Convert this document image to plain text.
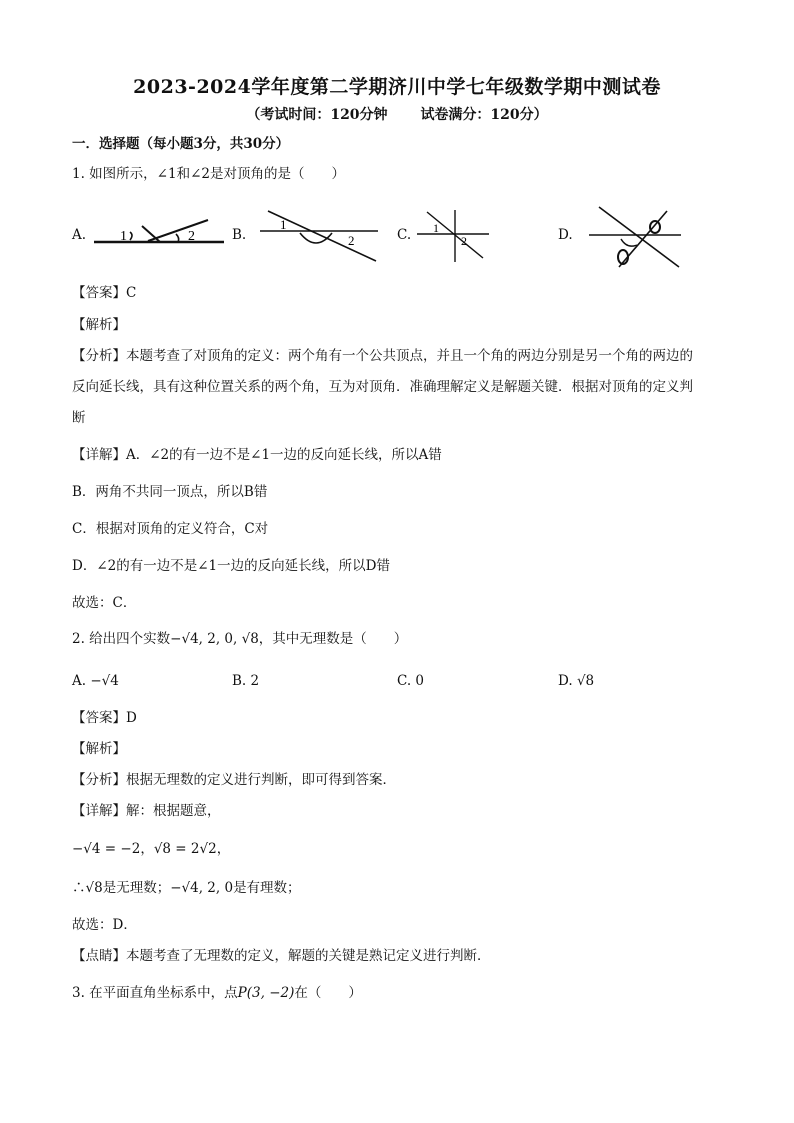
2023-2024学年度第二学期济川中学七年级数学期中测试卷
（考试时间：120分钟 试卷满分：120分）
一．选择题（每小题3分，共30分）
1. 如图所示，∠1和∠2是对顶角的是（　　）
A. 1	2	B.
1
2	C. 1
2	D.
【答案】C
【解析】
【分析】本题考查了对顶角的定义：两个角有一个公共顶点，并且一个角的两边分别是另一个角的两边的
反向延长线，具有这种位置关系的两个角，互为对顶角．准确理解定义是解题关键．根据对顶角的定义判
断
【详解】A．∠2的有一边不是∠1一边的反向延长线，所以A错
B．两角不共同一顶点，所以B错
C．根据对顶角的定义符合，C对
D．∠2的有一边不是∠1一边的反向延长线，所以D错
故选：C．
2. 给出四个实数−√4, 2, 0, √8，其中无理数是（　　）
A. −√4	B. 2	C. 0	D. √8
【答案】D
【解析】
【分析】根据无理数的定义进行判断，即可得到答案．
【详解】解：根据题意，
−√4 = −2，√8 = 2√2，
∴√8是无理数；−√4, 2, 0是有理数；
故选：D．
【点睛】本题考查了无理数的定义，解题的关键是熟记定义进行判断．
3. 在平面直角坐标系中，点P(3, −2)在（　　）
